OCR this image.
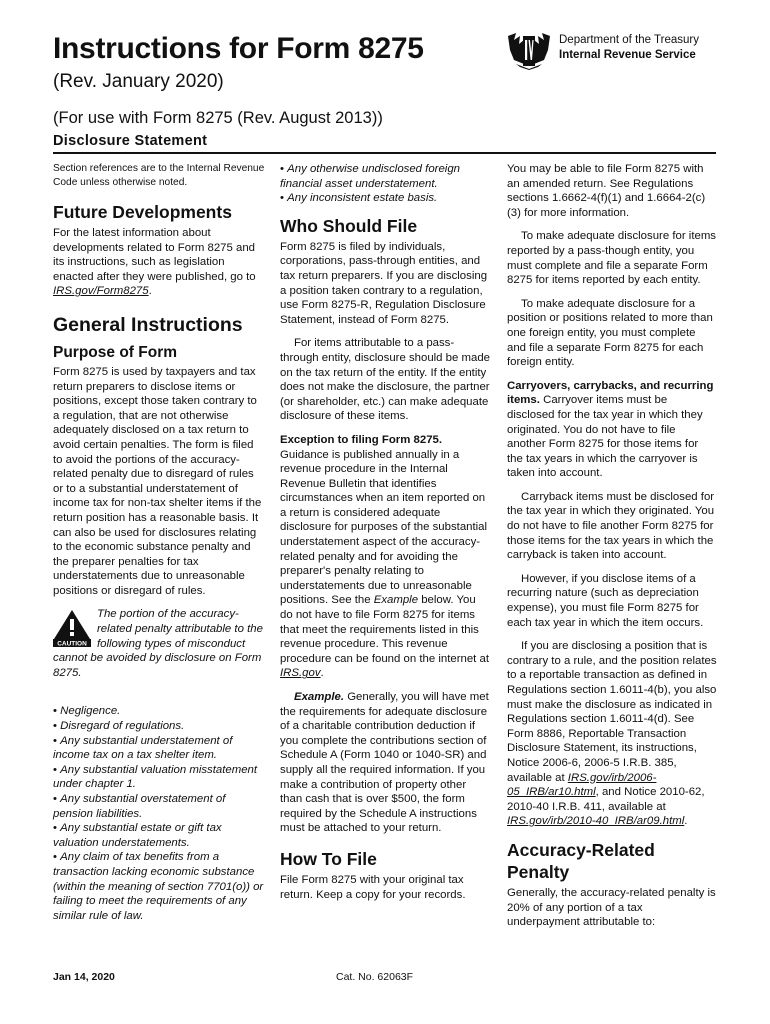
Instructions for Form 8275
(Rev. January 2020)
(For use with Form 8275 (Rev. August 2013))
Disclosure Statement
Department of the Treasury
Internal Revenue Service

Section references are to the Internal Revenue Code unless otherwise noted.

Future Developments

For the latest information about developments related to Form 8275 and its instructions, such as legislation enacted after they were published, go to IRS.gov/Form8275.

General Instructions
Purpose of Form

Form 8275 is used by taxpayers and tax return preparers to disclose items or positions, except those taken contrary to a regulation, that are not otherwise adequately disclosed on a tax return to avoid certain penalties. The form is filed to avoid the portions of the accuracy-related penalty due to disregard of rules or to a substantial understatement of income tax for non-tax shelter items if the return position has a reasonable basis. It can also be used for disclosures relating to the economic substance penalty and the preparer penalties for tax understatements due to unreasonable positions or disregard of rules.

CAUTION

The portion of the accuracy-related penalty attributable to the following types of misconduct cannot be avoided by disclosure on Form 8275.

• Negligence.

• Disregard of regulations.

• Any substantial understatement of income tax on a tax shelter item.

• Any substantial valuation misstatement under chapter 1.

• Any substantial overstatement of pension liabilities.

• Any substantial estate or gift tax valuation understatements.

• Any claim of tax benefits from a transaction lacking economic substance (within the meaning of section 7701(o)) or failing to meet the requirements of any similar rule of law.

• Any otherwise undisclosed foreign financial asset understatement.

• Any inconsistent estate basis.

Who Should File

Form 8275 is filed by individuals, corporations, pass-through entities, and tax return preparers. If you are disclosing a position taken contrary to a regulation, use Form 8275-R, Regulation Disclosure Statement, instead of Form 8275.

For items attributable to a pass-through entity, disclosure should be made on the tax return of the entity. If the entity does not make the disclosure, the partner (or shareholder, etc.) can make adequate disclosure of these items.

Exception to filing Form 8275. Guidance is published annually in a revenue procedure in the Internal Revenue Bulletin that identifies circumstances when an item reported on a return is considered adequate disclosure for purposes of the substantial understatement aspect of the accuracy-related penalty and for avoiding the preparer's penalty relating to understatements due to unreasonable positions. See the Example below. You do not have to file Form 8275 for items that meet the requirements listed in this revenue procedure. This revenue procedure can be found on the internet at IRS.gov.

Example. Generally, you will have met the requirements for adequate disclosure of a charitable contribution deduction if you complete the contributions section of Schedule A (Form 1040 or 1040-SR) and supply all the required information. If you make a contribution of property other than cash that is over $500, the form required by the Schedule A instructions must be attached to your return.

How To File

File Form 8275 with your original tax return. Keep a copy for your records.

You may be able to file Form 8275 with an amended return. See Regulations sections 1.6662-4(f)(1) and 1.6664-2(c)(3) for more information.

To make adequate disclosure for items reported by a pass-though entity, you must complete and file a separate Form 8275 for items reported by each entity.

To make adequate disclosure for a position or positions related to more than one foreign entity, you must complete and file a separate Form 8275 for each foreign entity.

Carryovers, carrybacks, and recurring items. Carryover items must be disclosed for the tax year in which they originated. You do not have to file another Form 8275 for those items for the tax years in which the carryover is taken into account.

Carryback items must be disclosed for the tax year in which they originated. You do not have to file another Form 8275 for those items for the tax years in which the carryback is taken into account.

However, if you disclose items of a recurring nature (such as depreciation expense), you must file Form 8275 for each tax year in which the item occurs.

If you are disclosing a position that is contrary to a rule, and the position relates to a reportable transaction as defined in Regulations section 1.6011-4(b), you also must make the disclosure as indicated in Regulations section 1.6011-4(d). See Form 8886, Reportable Transaction Disclosure Statement, its instructions, Notice 2006-6, 2006-5 I.R.B. 385, available at IRS.gov/irb/2006-05_IRB/ar10.html, and Notice 2010-62, 2010-40 I.R.B. 411, available at IRS.gov/irb/2010-40_IRB/ar09.html.

Accuracy-Related Penalty

Generally, the accuracy-related penalty is 20% of any portion of a tax underpayment attributable to:

Jan 14, 2020	Cat. No. 62063F
